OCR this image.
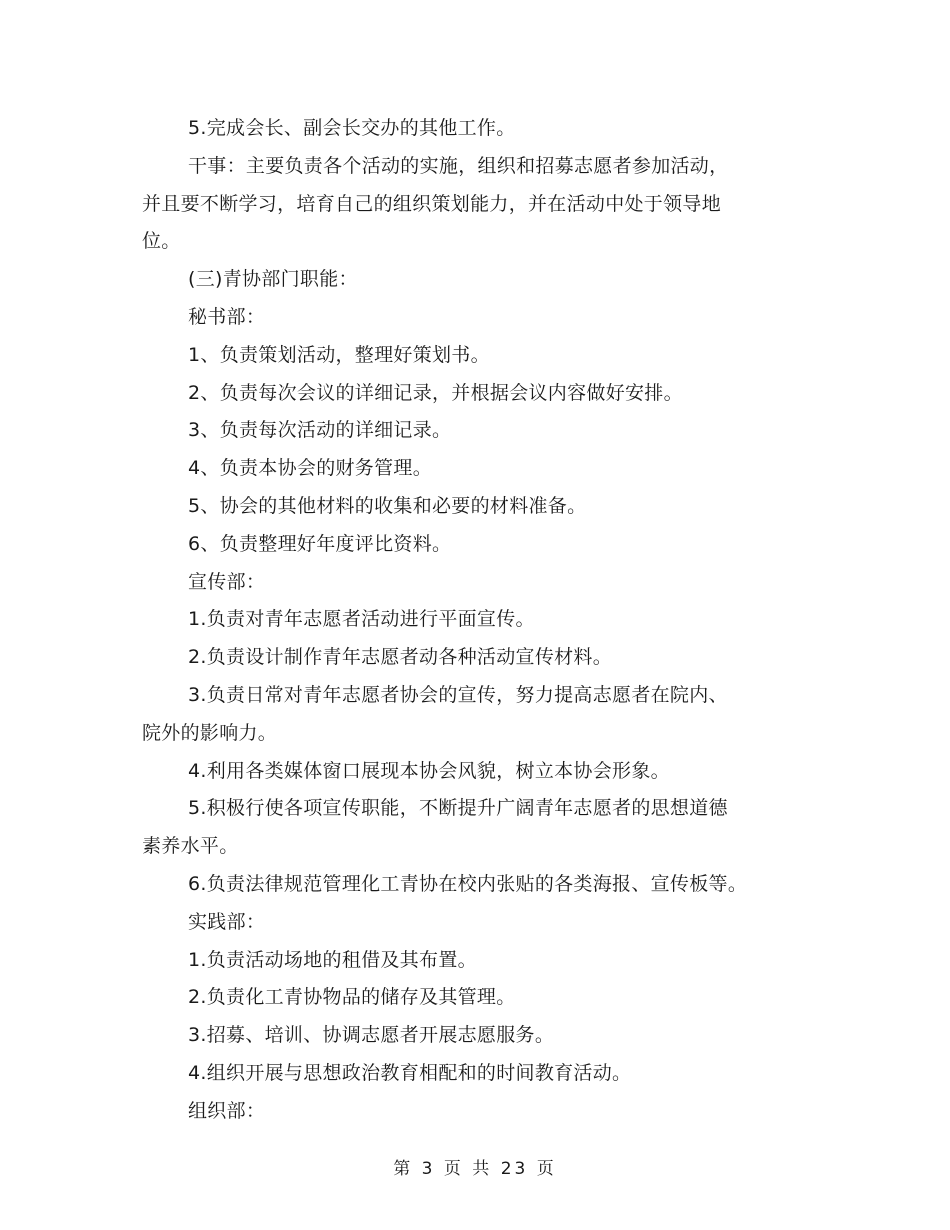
5.完成会长、副会长交办的其他工作。
干事：主要负责各个活动的实施，组织和招募志愿者参加活动，
并且要不断学习，培育自己的组织策划能力，并在活动中处于领导地
位。
(三)青协部门职能：
秘书部：
1、负责策划活动，整理好策划书。
2、负责每次会议的详细记录，并根据会议内容做好安排。
3、负责每次活动的详细记录。
4、负责本协会的财务管理。
5、协会的其他材料的收集和必要的材料准备。
6、负责整理好年度评比资料。
宣传部：
1.负责对青年志愿者活动进行平面宣传。
2.负责设计制作青年志愿者动各种活动宣传材料。
3.负责日常对青年志愿者协会的宣传，努力提高志愿者在院内、
院外的影响力。
4.利用各类媒体窗口展现本协会风貌，树立本协会形象。
5.积极行使各项宣传职能，不断提升广阔青年志愿者的思想道德
素养水平。
6.负责法律规范管理化工青协在校内张贴的各类海报、宣传板等。
实践部：
1.负责活动场地的租借及其布置。
2.负责化工青协物品的储存及其管理。
3.招募、培训、协调志愿者开展志愿服务。
4.组织开展与思想政治教育相配和的时间教育活动。
组织部：
第 3 页 共 23 页
